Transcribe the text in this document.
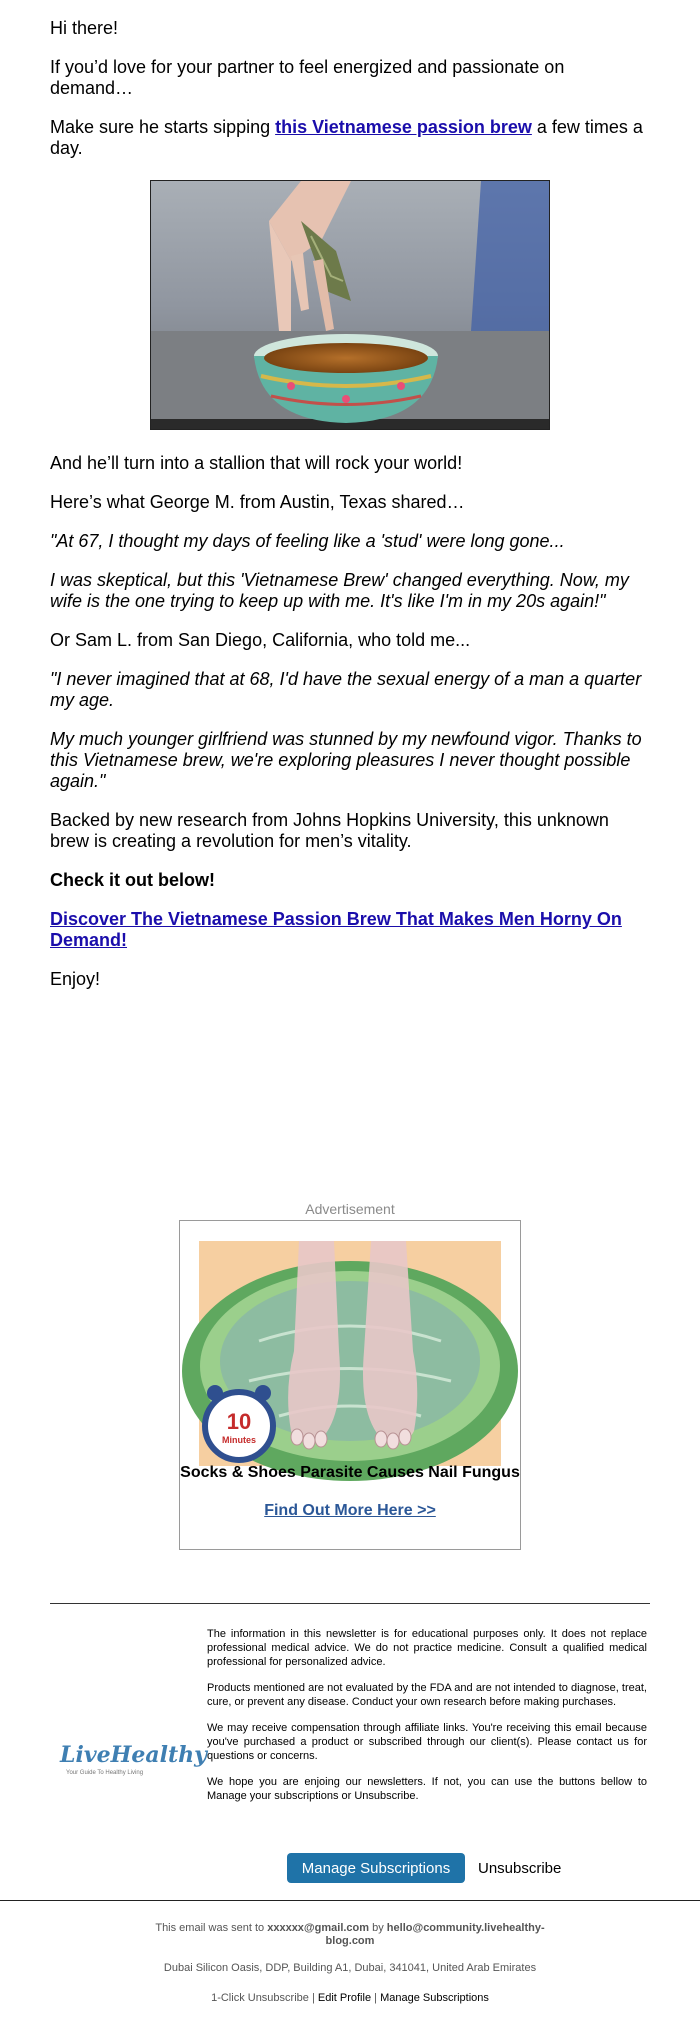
Hi there!

If you’d love for your partner to feel energized and passionate on demand…

Make sure he starts sipping this Vietnamese passion brew a few times a day.

And he’ll turn into a stallion that will rock your world!

Here’s what George M. from Austin, Texas shared…

"At 67, I thought my days of feeling like a 'stud' were long gone...

I was skeptical, but this 'Vietnamese Brew' changed everything. Now, my wife is the one trying to keep up with me. It's like I'm in my 20s again!"

Or Sam L. from San Diego, California, who told me...

"I never imagined that at 68, I'd have the sexual energy of a man a quarter my age.

My much younger girlfriend was stunned by my newfound vigor. Thanks to this Vietnamese brew, we're exploring pleasures I never thought possible again."

Backed by new research from Johns Hopkins University, this unknown brew is creating a revolution for men’s vitality.

Check it out below!

Discover The Vietnamese Passion Brew That Makes Men Horny On Demand!

Enjoy!

Advertisement
10
Minutes
Socks & Shoes Parasite Causes Nail Fungus
Find Out More Here >>
LiveHealthy
Your Guide To Healthy Living

The information in this newsletter is for educational purposes only. It does not replace professional medical advice. We do not practice medicine. Consult a qualified medical professional for personalized advice.

Products mentioned are not evaluated by the FDA and are not intended to diagnose, treat, cure, or prevent any disease. Conduct your own research before making purchases.

We may receive compensation through affiliate links. You're receiving this email because you've purchased a product or subscribed through our client(s). Please contact us for questions or concerns.

We hope you are enjoing our newsletters. If not, you can use the buttons bellow to Manage your subscriptions or Unsubscribe.

Manage Subscriptions	Unsubscribe
This email was sent to xxxxxx@gmail.com by hello@community.livehealthy-blog.com
Dubai Silicon Oasis, DDP, Building A1, Dubai, 341041, United Arab Emirates
1-Click Unsubscribe | Edit Profile | Manage Subscriptions
